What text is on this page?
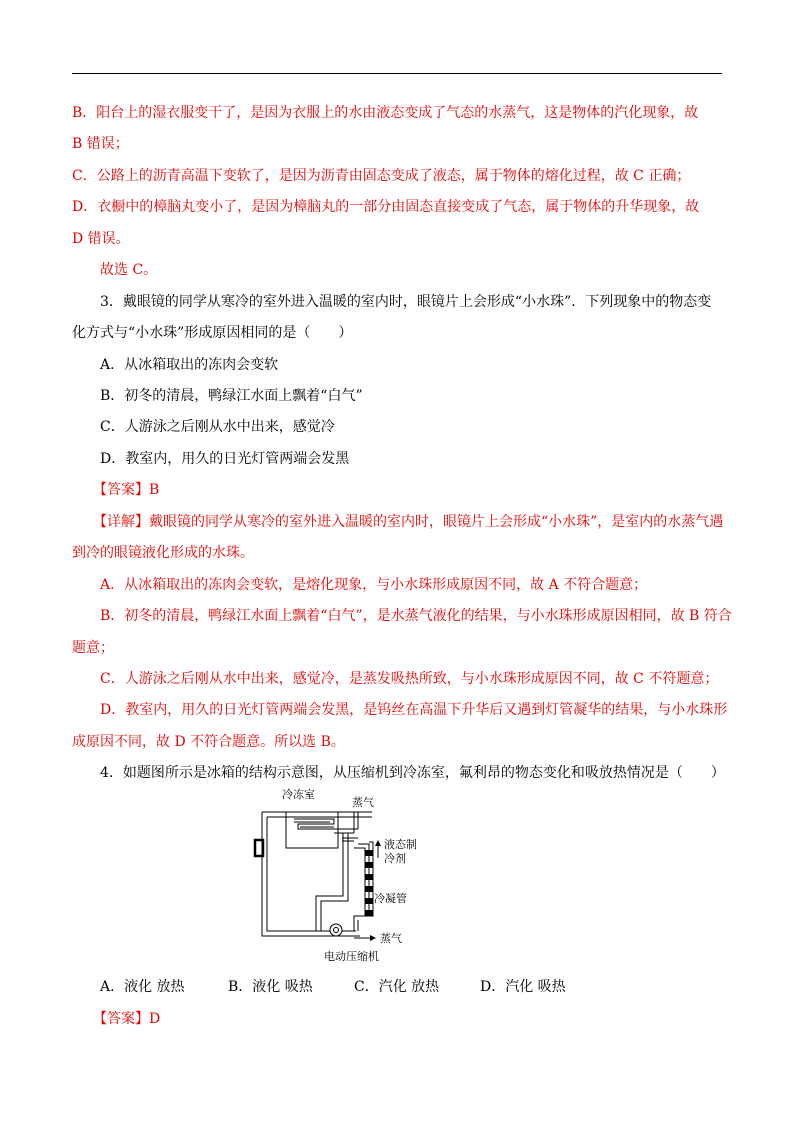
B．阳台上的湿衣服变干了，是因为衣服上的水由液态变成了气态的水蒸气，这是物体的汽化现象，故
B 错误；
C．公路上的沥青高温下变软了，是因为沥青由固态变成了液态，属于物体的熔化过程，故 C 正确；
D．衣橱中的樟脑丸变小了，是因为樟脑丸的一部分由固态直接变成了气态，属于物体的升华现象，故
D 错误。
故选 C。
3．戴眼镜的同学从寒冷的室外进入温暖的室内时，眼镜片上会形成“小水珠”．下列现象中的物态变
化方式与“小水珠”形成原因相同的是（　　）
A．从冰箱取出的冻肉会变软
B．初冬的清晨，鸭绿江水面上飘着“白气”
C．人游泳之后刚从水中出来，感觉冷
D．教室内，用久的日光灯管两端会发黑
【答案】B
【详解】戴眼镜的同学从寒冷的室外进入温暖的室内时，眼镜片上会形成“小水珠”，是室内的水蒸气遇
到冷的眼镜液化形成的水珠。
A．从冰箱取出的冻肉会变软，是熔化现象，与小水珠形成原因不同，故 A 不符合题意；
B．初冬的清晨，鸭绿江水面上飘着“白气”，是水蒸气液化的结果，与小水珠形成原因相同，故 B 符合
题意；
C．人游泳之后刚从水中出来，感觉冷，是蒸发吸热所致，与小水珠形成原因不同，故 C 不符题意；
D．教室内，用久的日光灯管两端会发黑，是钨丝在高温下升华后又遇到灯管凝华的结果，与小水珠形
成原因不同，故 D 不符合题意。所以选 B。
4．如题图所示是冰箱的结构示意图，从压缩机到冷冻室，氟利昂的物态变化和吸放热情况是（　　）
冷冻室
蒸气
液态制
冷剂
冷凝管
蒸气
电动压缩机
A．液化 放热	B．液化 吸热	C．汽化 放热	D．汽化 吸热
【答案】D
